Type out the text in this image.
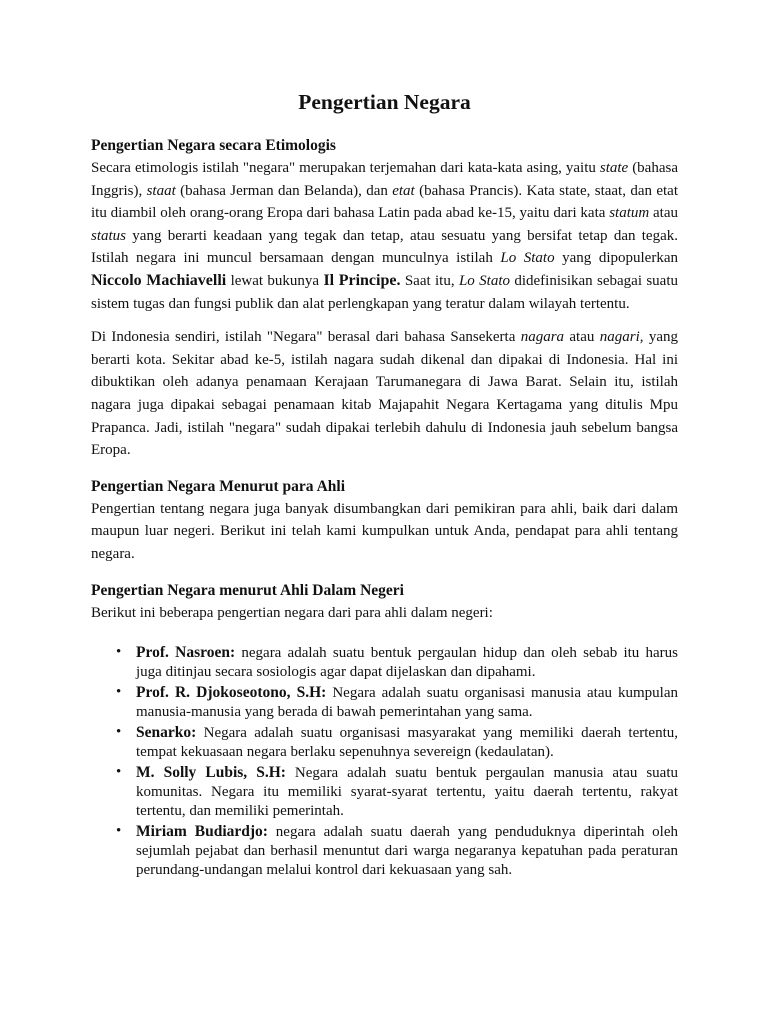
Pengertian Negara
Pengertian Negara secara Etimologis

Secara etimologis istilah "negara" merupakan terjemahan dari kata-kata asing, yaitu state (bahasa Inggris), staat (bahasa Jerman dan Belanda), dan etat (bahasa Prancis). Kata state, staat, dan etat itu diambil oleh orang-orang Eropa dari bahasa Latin pada abad ke-15, yaitu dari kata statum atau status yang berarti keadaan yang tegak dan tetap, atau sesuatu yang bersifat tetap dan tegak. Istilah negara ini muncul bersamaan dengan munculnya istilah Lo Stato yang dipopulerkan Niccolo Machiavelli lewat bukunya Il Principe. Saat itu, Lo Stato didefinisikan sebagai suatu sistem tugas dan fungsi publik dan alat perlengkapan yang teratur dalam wilayah tertentu.

Di Indonesia sendiri, istilah "Negara" berasal dari bahasa Sansekerta nagara atau nagari, yang berarti kota. Sekitar abad ke-5, istilah nagara sudah dikenal dan dipakai di Indonesia. Hal ini dibuktikan oleh adanya penamaan Kerajaan Tarumanegara di Jawa Barat. Selain itu, istilah nagara juga dipakai sebagai penamaan kitab Majapahit Negara Kertagama yang ditulis Mpu Prapanca. Jadi, istilah "negara" sudah dipakai terlebih dahulu di Indonesia jauh sebelum bangsa Eropa.

Pengertian Negara Menurut para Ahli

Pengertian tentang negara juga banyak disumbangkan dari pemikiran para ahli, baik dari dalam maupun luar negeri. Berikut ini telah kami kumpulkan untuk Anda, pendapat para ahli tentang negara.

Pengertian Negara menurut Ahli Dalam Negeri

Berikut ini beberapa pengertian negara dari para ahli dalam negeri:

• Prof. Nasroen: negara adalah suatu bentuk pergaulan hidup dan oleh sebab itu harus juga ditinjau secara sosiologis agar dapat dijelaskan dan dipahami.
• Prof. R. Djokoseotono, S.H: Negara adalah suatu organisasi manusia atau kumpulan manusia-manusia yang berada di bawah pemerintahan yang sama.
• Senarko: Negara adalah suatu organisasi masyarakat yang memiliki daerah tertentu, tempat kekuasaan negara berlaku sepenuhnya severeign (kedaulatan).
• M. Solly Lubis, S.H: Negara adalah suatu bentuk pergaulan manusia atau suatu komunitas. Negara itu memiliki syarat-syarat tertentu, yaitu daerah tertentu, rakyat tertentu, dan memiliki pemerintah.
• Miriam Budiardjo: negara adalah suatu daerah yang penduduknya diperintah oleh sejumlah pejabat dan berhasil menuntut dari warga negaranya kepatuhan pada peraturan perundang-undangan melalui kontrol dari kekuasaan yang sah.
